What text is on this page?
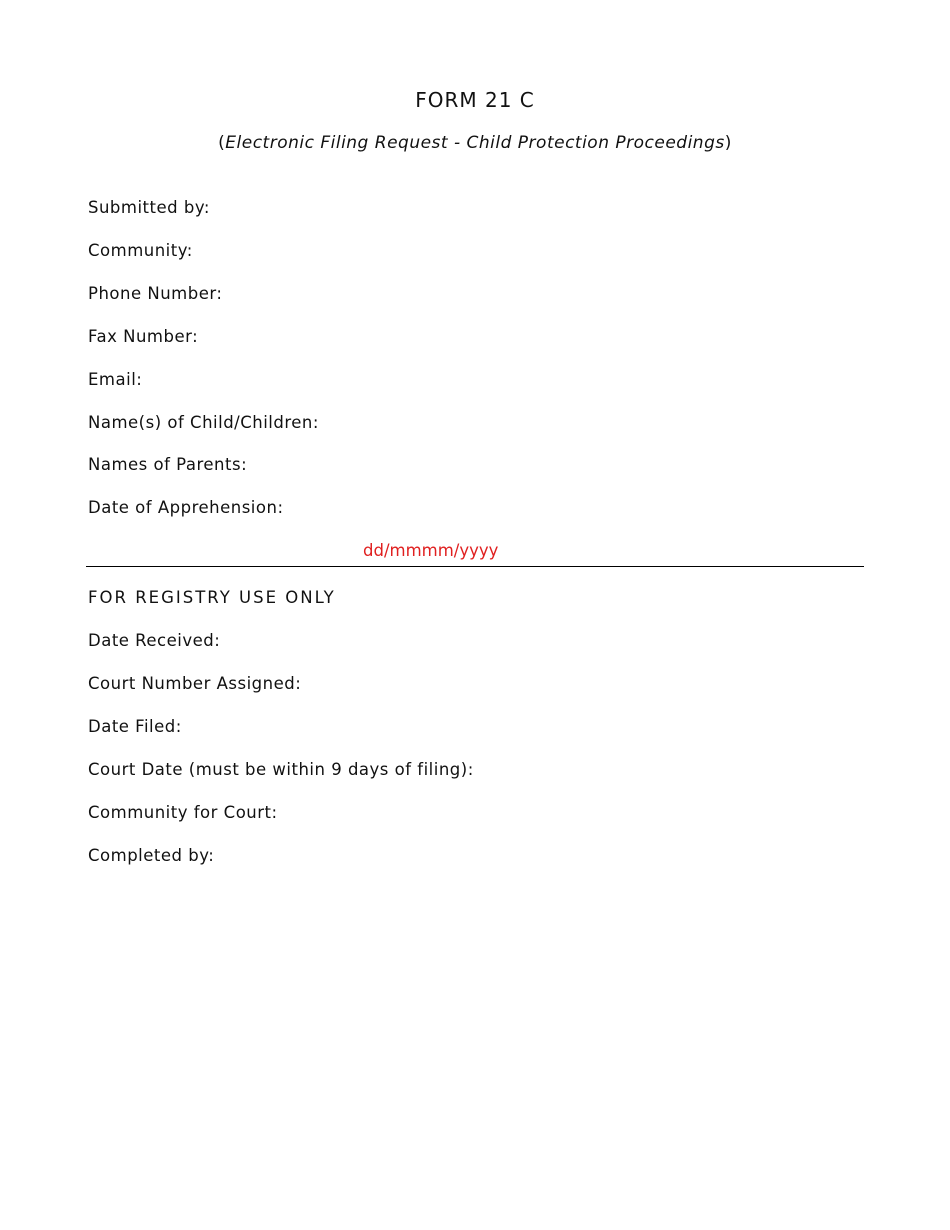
FORM 21 C
(Electronic Filing Request - Child Protection Proceedings)
Submitted by:
Community:
Phone Number:
Fax Number:
Email:
Name(s) of Child/Children:
Names of Parents:
Date of Apprehension:
dd/mmmm/yyyy
FOR REGISTRY USE ONLY
Date Received:
Court Number Assigned:
Date Filed:
Court Date (must be within 9 days of filing):
Community for Court:
Completed by:
